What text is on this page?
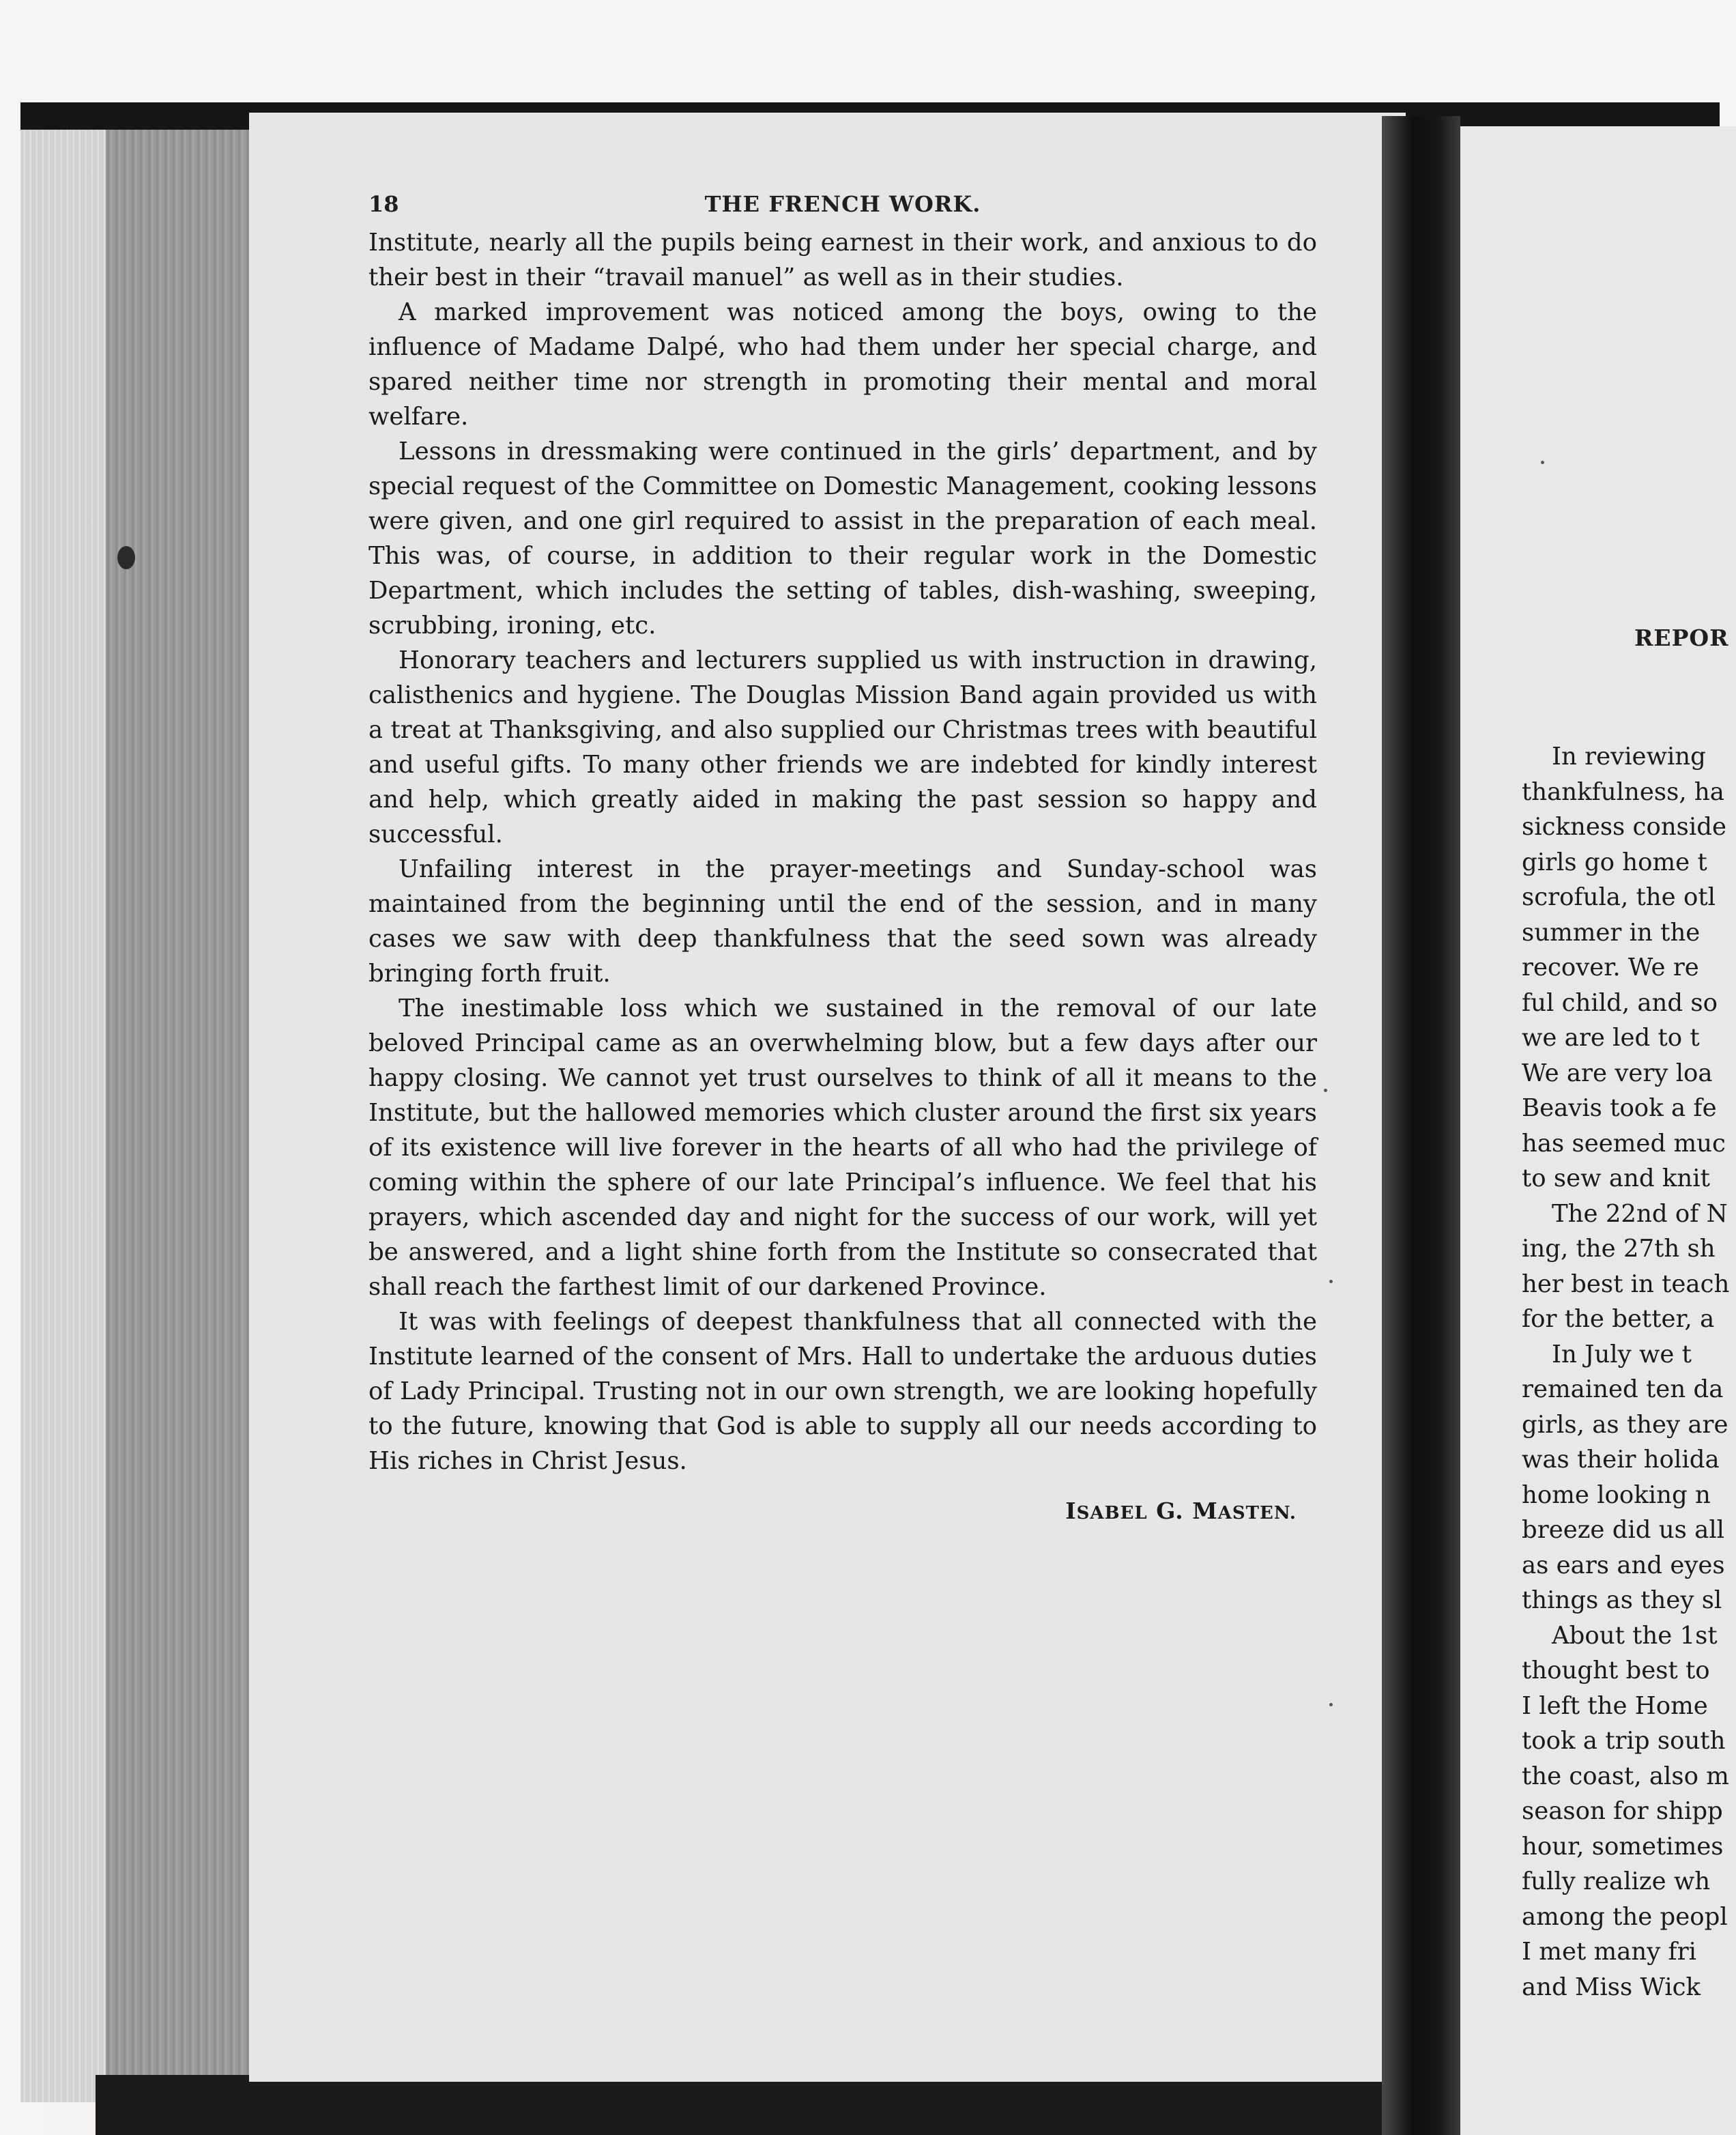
REPOR
In reviewing
thankfulness, ha
sickness conside
girls go home t
scrofula, the otl
summer in the
recover. We re
ful child, and so
we are led to t
We are very loa
Beavis took a fe
has seemed muc
to sew and knit
The 22nd of N
ing, the 27th sh
her best in teach
for the better, a
In July we t
remained ten da
girls, as they are
was their holida
home looking n
breeze did us all
as ears and eyes
things as they sl
About the 1st
thought best to
I left the Home
took a trip south
the coast, also m
season for shipp
hour, sometimes
fully realize wh
among the peopl
I met many fri
and Miss Wick
18	THE FRENCH WORK.

Institute, nearly all the pupils being earnest in their work, and anxious to do their best in their “travail manuel” as well as in their studies.

A marked improvement was noticed among the boys, owing to the influence of Madame Dalpé, who had them under her special charge, and spared neither time nor strength in promoting their mental and moral welfare.

Lessons in dressmaking were continued in the girls’ department, and by special request of the Committee on Domestic Management, cooking lessons were given, and one girl required to assist in the preparation of each meal. This was, of course, in addition to their regular work in the Domestic Department, which includes the setting of tables, dish-washing, sweeping, scrubbing, ironing, etc.

Honorary teachers and lecturers supplied us with instruction in drawing, calisthenics and hygiene. The Douglas Mission Band again provided us with a treat at Thanksgiving, and also supplied our Christmas trees with beautiful and useful gifts. To many other friends we are indebted for kindly interest and help, which greatly aided in making the past session so happy and successful.

Unfailing interest in the prayer-meetings and Sunday-school was maintained from the beginning until the end of the session, and in many cases we saw with deep thankfulness that the seed sown was already bringing forth fruit.

The inestimable loss which we sustained in the removal of our late beloved Principal came as an overwhelming blow, but a few days after our happy closing. We cannot yet trust ourselves to think of all it means to the Institute, but the hallowed memories which cluster around the first six years of its existence will live forever in the hearts of all who had the privilege of coming within the sphere of our late Principal’s influence. We feel that his prayers, which ascended day and night for the success of our work, will yet be answered, and a light shine forth from the Institute so consecrated that shall reach the farthest limit of our darkened Province.

It was with feelings of deepest thankfulness that all connected with the Institute learned of the consent of Mrs. Hall to undertake the arduous duties of Lady Principal. Trusting not in our own strength, we are looking hopefully to the future, knowing that God is able to supply all our needs according to His riches in Christ Jesus.

ISABEL G. MASTEN.
